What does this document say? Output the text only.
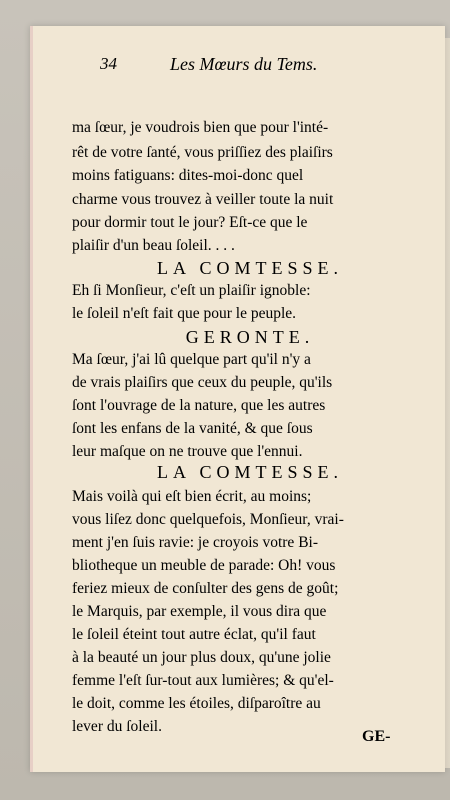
34	Les Mœurs du Tems.
ma ſœur, je voudrois bien que pour l'inté-
rêt de votre ſanté, vous priſſiez des plaiſirs
moins fatiguans: dites-moi-donc quel
charme vous trouvez à veiller toute la nuit
pour dormir tout le jour? Eſt-ce que le
plaiſir d'un beau ſoleil. . . .
LA COMTESSE.
Eh ſi Monſieur, c'eſt un plaiſir ignoble:
le ſoleil n'eſt fait que pour le peuple.
GERONTE.
Ma ſœur, j'ai lû quelque part qu'il n'y a
de vrais plaiſirs que ceux du peuple, qu'ils
ſont l'ouvrage de la nature, que les autres
ſont les enfans de la vanité, & que ſous
leur maſque on ne trouve que l'ennui.
LA COMTESSE.
Mais voilà qui eſt bien écrit, au moins;
vous liſez donc quelquefois, Monſieur, vrai-
ment j'en ſuis ravie: je croyois votre Bi-
bliotheque un meuble de parade: Oh! vous
feriez mieux de conſulter des gens de goût;
le Marquis, par exemple, il vous dira que
le ſoleil éteint tout autre éclat, qu'il faut
à la beauté un jour plus doux, qu'une jolie
femme l'eſt ſur-tout aux lumières; & qu'el-
le doit, comme les étoiles, diſparoître au
lever du ſoleil.
GE-
